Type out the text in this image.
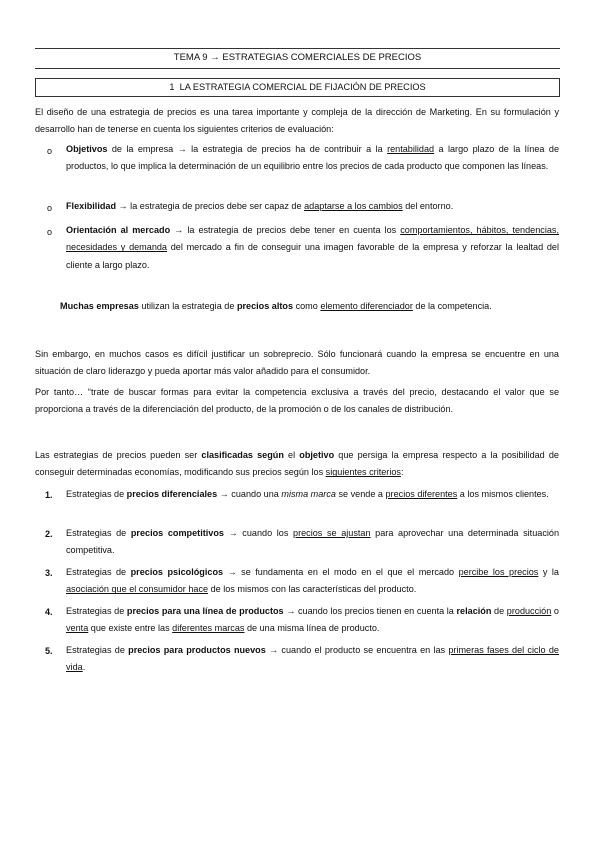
TEMA 9 → ESTRATEGIAS COMERCIALES DE PRECIOS
1 LA ESTRATEGIA COMERCIAL DE FIJACIÓN DE PRECIOS
El diseño de una estrategia de precios es una tarea importante y compleja de la dirección de Marketing. En su formulación y desarrollo han de tenerse en cuenta los siguientes criterios de evaluación:
o Objetivos de la empresa → la estrategia de precios ha de contribuir a la rentabilidad a largo plazo de la línea de productos, lo que implica la determinación de un equilibrio entre los precios de cada producto que componen las líneas.
o Flexibilidad → la estrategia de precios debe ser capaz de adaptarse a los cambios del entorno.
o Orientación al mercado → la estrategia de precios debe tener en cuenta los comportamientos, hábitos, tendencias, necesidades y demanda del mercado a fin de conseguir una imagen favorable de la empresa y reforzar la lealtad del cliente a largo plazo.
Muchas empresas utilizan la estrategia de precios altos como elemento diferenciador de la competencia.
Sin embargo, en muchos casos es difícil justificar un sobreprecio. Sólo funcionará cuando la empresa se encuentre en una situación de claro liderazgo y pueda aportar más valor añadido para el consumidor.
Por tanto… “trate de buscar formas para evitar la competencia exclusiva a través del precio, destacando el valor que se proporciona a través de la diferenciación del producto, de la promoción o de los canales de distribución.
Las estrategias de precios pueden ser clasificadas según el objetivo que persiga la empresa respecto a la posibilidad de conseguir determinadas economías, modificando sus precios según los siguientes criterios:
1. Estrategias de precios diferenciales → cuando una misma marca se vende a precios diferentes a los mismos clientes.
2. Estrategias de precios competitivos → cuando los precios se ajustan para aprovechar una determinada situación competitiva.
3. Estrategias de precios psicológicos → se fundamenta en el modo en el que el mercado percibe los precios y la asociación que el consumidor hace de los mismos con las características del producto.
4. Estrategias de precios para una línea de productos → cuando los precios tienen en cuenta la relación de producción o venta que existe entre las diferentes marcas de una misma línea de producto.
5. Estrategias de precios para productos nuevos → cuando el producto se encuentra en las primeras fases del ciclo de vida.
